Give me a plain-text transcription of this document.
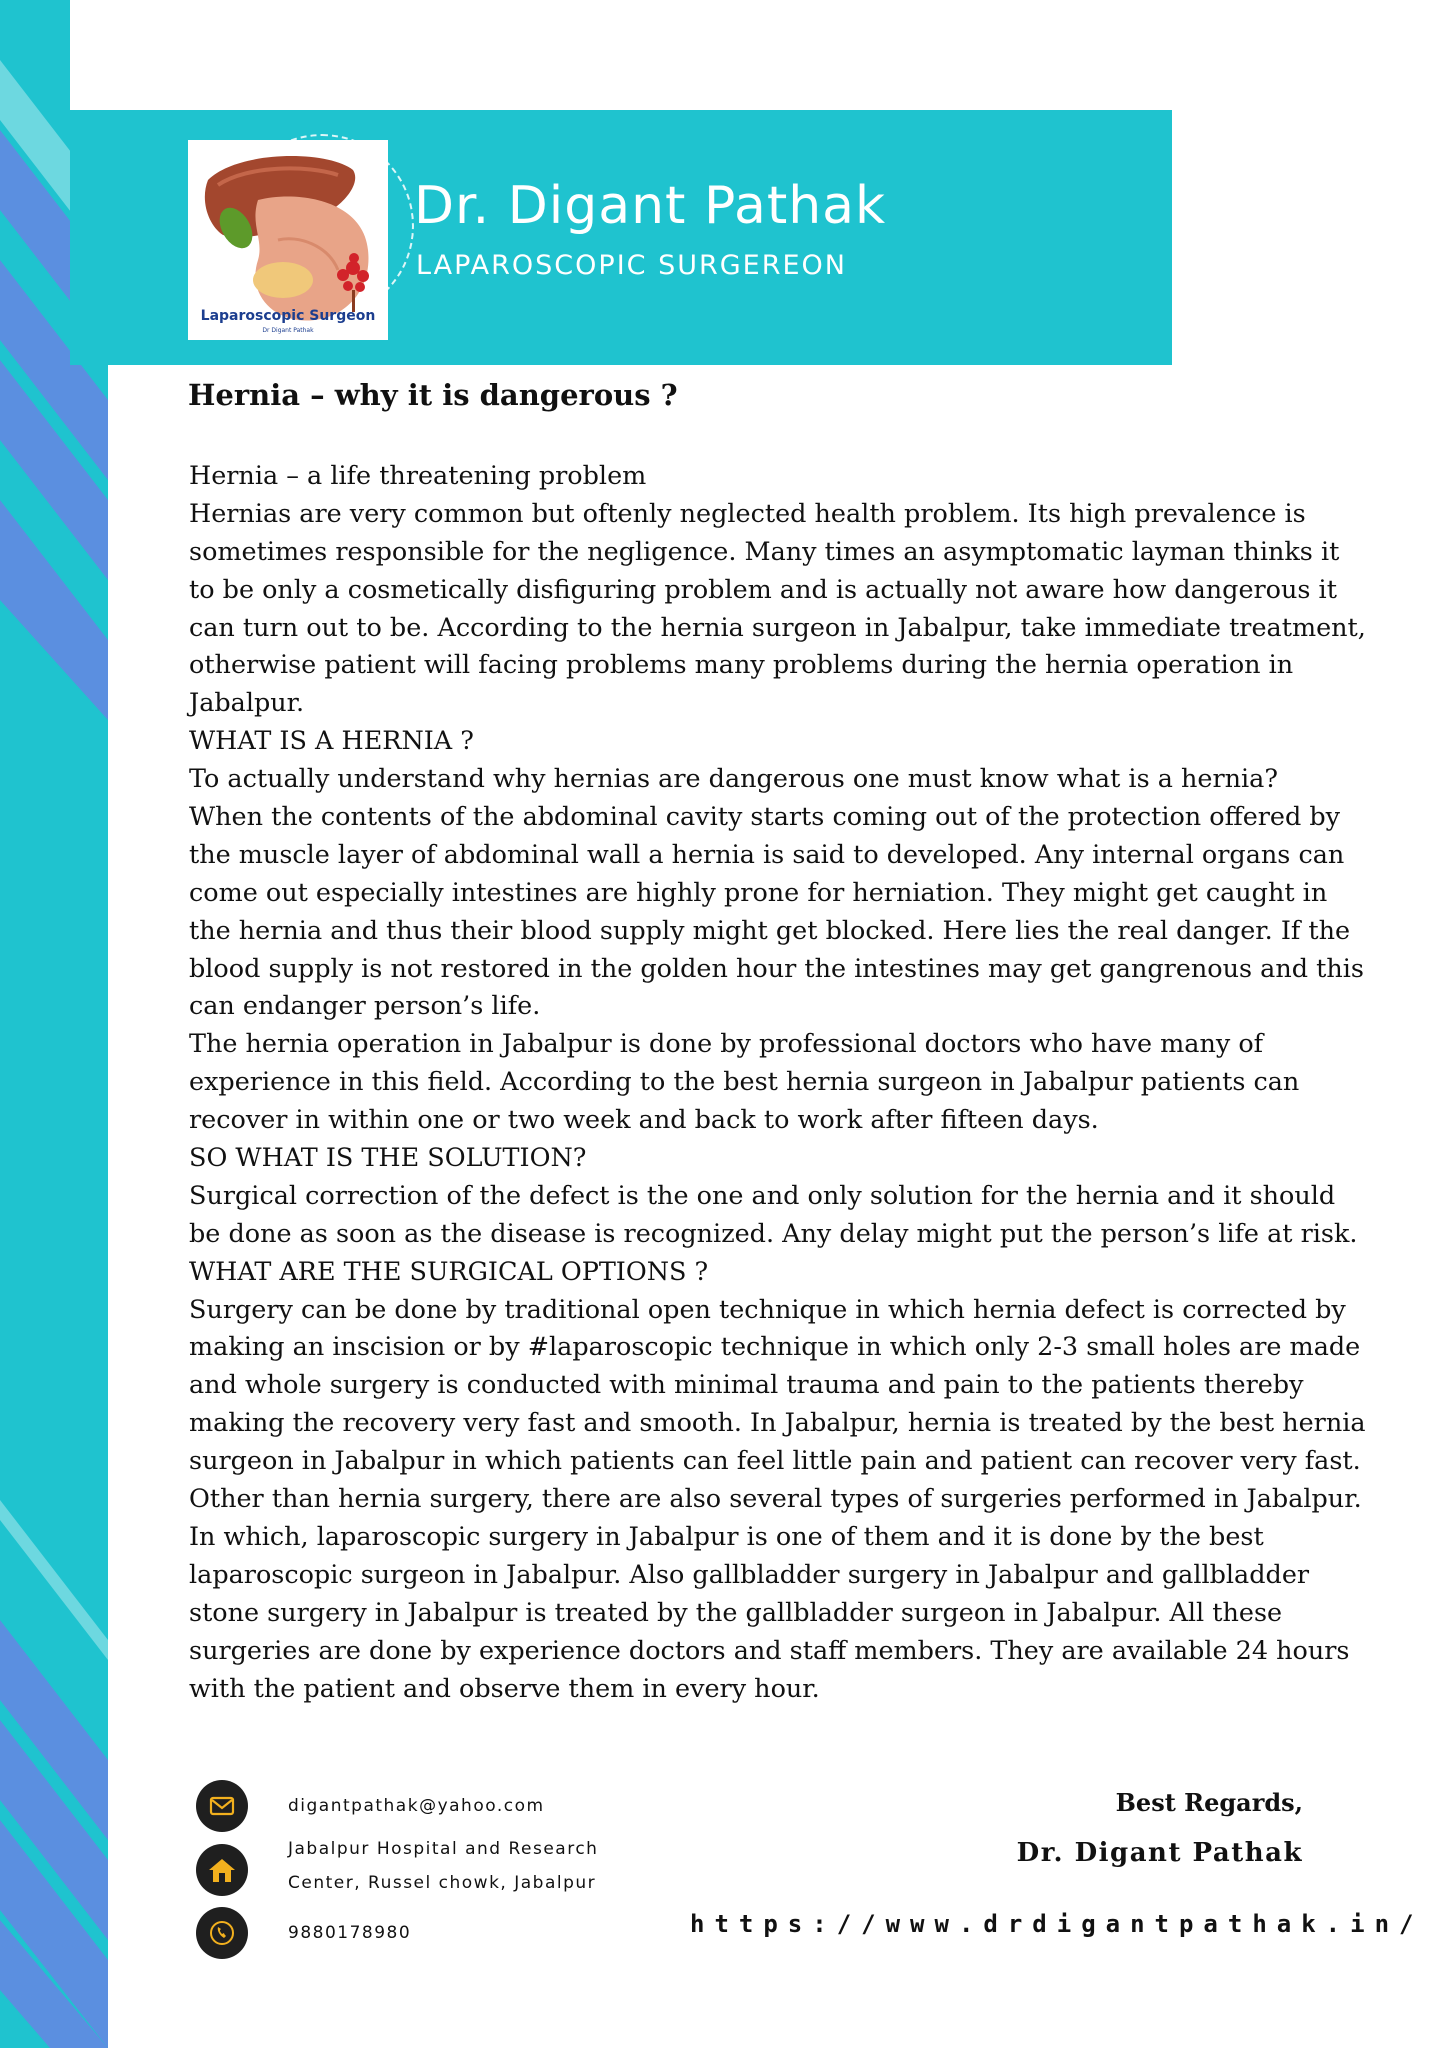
Laparoscopic Surgeon
Dr Digant Pathak
Dr. Digant Pathak
LAPAROSCOPIC SURGEREON
Hernia – why it is dangerous ?
Hernia – a life threatening problem
Hernias are very common but oftenly neglected health problem. Its high prevalence is
sometimes responsible for the negligence. Many times an asymptomatic layman thinks it
to be only a cosmetically disfiguring problem and is actually not aware how dangerous it
can turn out to be. According to the hernia surgeon in Jabalpur, take immediate treatment,
otherwise patient will facing problems many problems during the hernia operation in
Jabalpur.
WHAT IS A HERNIA ?
To actually understand why hernias are dangerous one must know what is a hernia?
When the contents of the abdominal cavity starts coming out of the protection offered by
the muscle layer of abdominal wall a hernia is said to developed. Any internal organs can
come out especially intestines are highly prone for herniation. They might get caught in
the hernia and thus their blood supply might get blocked. Here lies the real danger. If the
blood supply is not restored in the golden hour the intestines may get gangrenous and this
can endanger person’s life.
The hernia operation in Jabalpur is done by professional doctors who have many of
experience in this field. According to the best hernia surgeon in Jabalpur patients can
recover in within one or two week and back to work after fifteen days.
SO WHAT IS THE SOLUTION?
Surgical correction of the defect is the one and only solution for the hernia and it should
be done as soon as the disease is recognized. Any delay might put the person’s life at risk.
WHAT ARE THE SURGICAL OPTIONS ?
Surgery can be done by traditional open technique in which hernia defect is corrected by
making an inscision or by #laparoscopic technique in which only 2-3 small holes are made
and whole surgery is conducted with minimal trauma and pain to the patients thereby
making the recovery very fast and smooth. In Jabalpur, hernia is treated by the best hernia
surgeon in Jabalpur in which patients can feel little pain and patient can recover very fast.
Other than hernia surgery, there are also several types of surgeries performed in Jabalpur.
In which, laparoscopic surgery in Jabalpur is one of them and it is done by the best
laparoscopic surgeon in Jabalpur. Also gallbladder surgery in Jabalpur and gallbladder
stone surgery in Jabalpur is treated by the gallbladder surgeon in Jabalpur. All these
surgeries are done by experience doctors and staff members. They are available 24 hours
with the patient and observe them in every hour.
digantpathak@yahoo.com
Jabalpur Hospital and Research
Center, Russel chowk, Jabalpur
9880178980
Best Regards,
Dr. Digant Pathak
https://www.drdigantpathak.in/
